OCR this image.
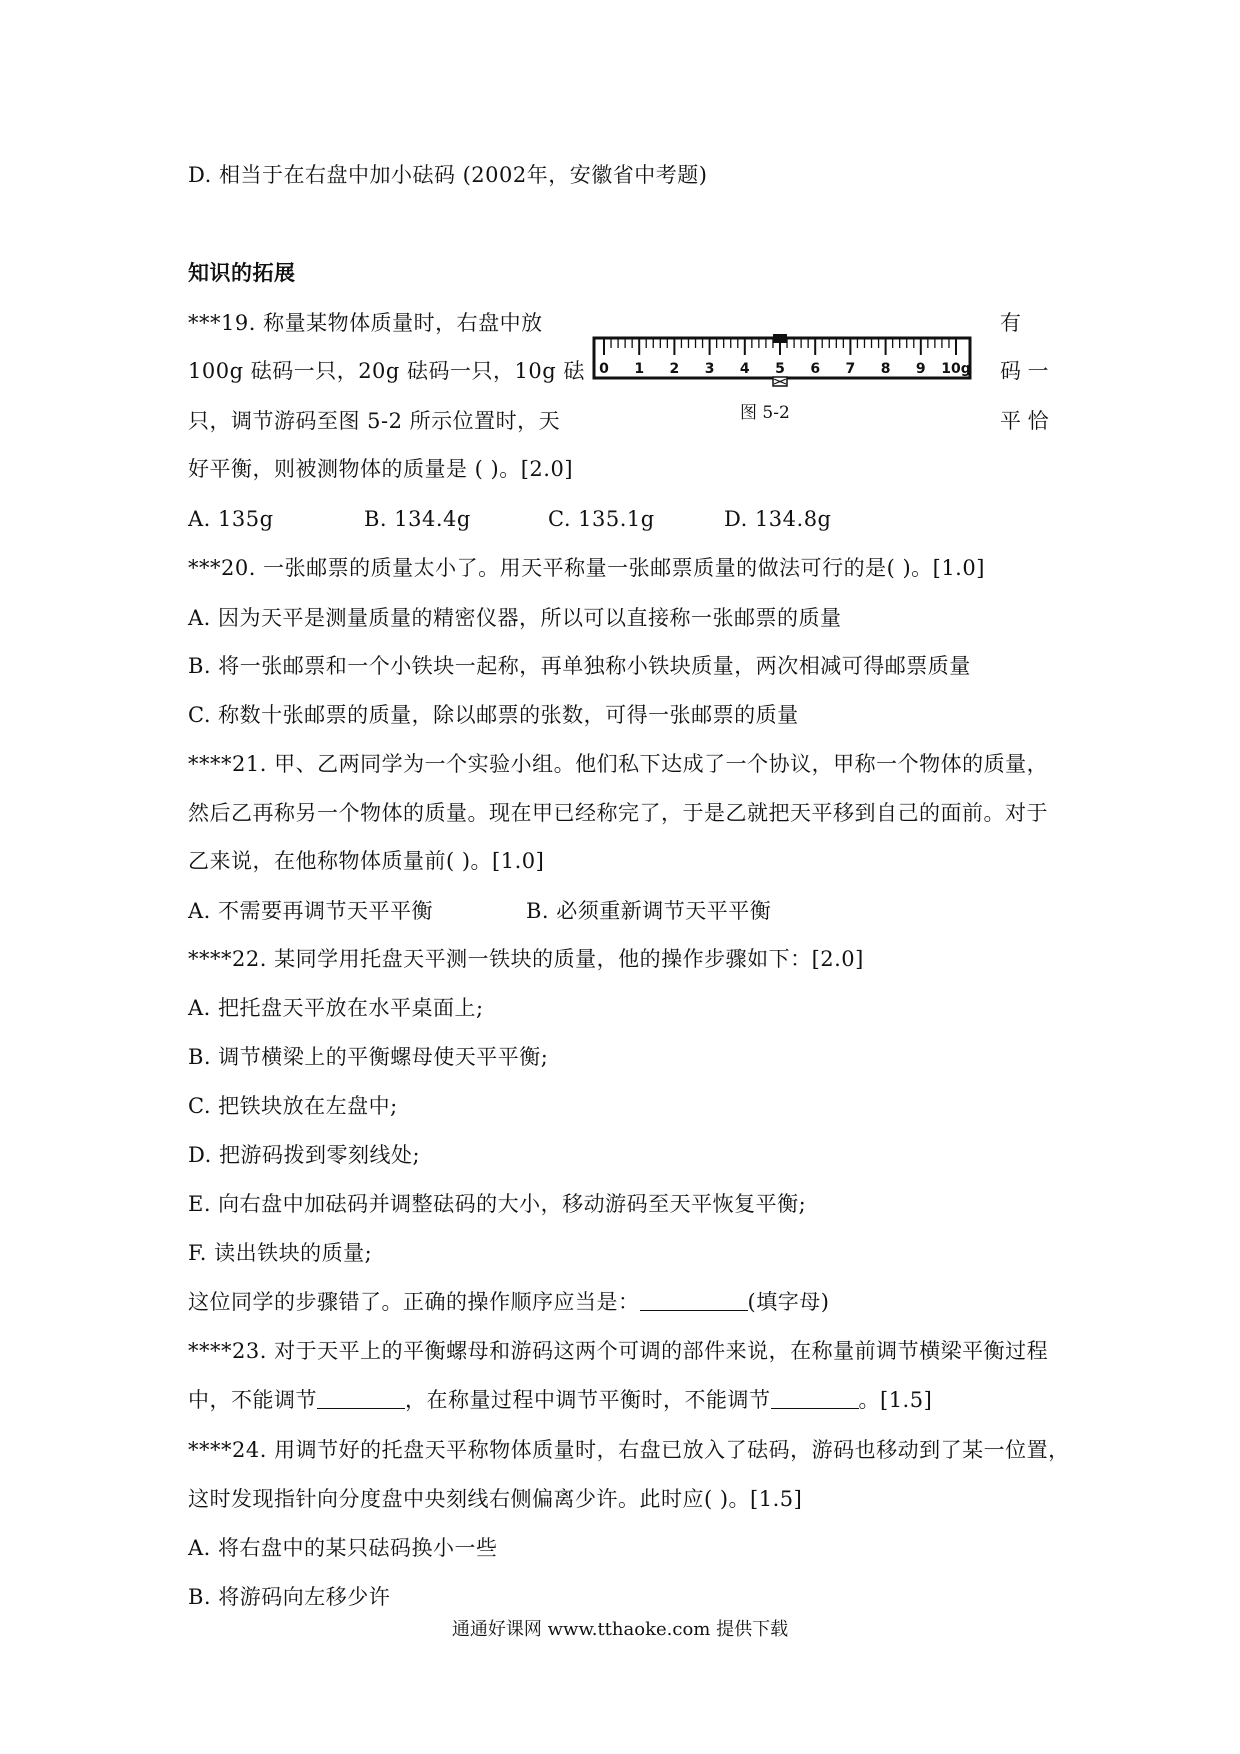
D. 相当于在右盘中加小砝码 (2002年，安徽省中考题)
知识的拓展
***19. 称量某物体质量时，右盘中放
100g 砝码一只，20g 砝码一只，10g 砝
只，调节游码至图 5-2 所示位置时，天
好平衡，则被测物体的质量是 ( )。[2.0]
有
码 一
平 恰
0 1 2 3 4 5 6 7 8 9 10g
图 5-2
A. 135g	B. 134.4g	C. 135.1g	D. 134.8g
***20. 一张邮票的质量太小了。用天平称量一张邮票质量的做法可行的是( )。[1.0]
A. 因为天平是测量质量的精密仪器，所以可以直接称一张邮票的质量
B. 将一张邮票和一个小铁块一起称，再单独称小铁块质量，两次相减可得邮票质量
C. 称数十张邮票的质量，除以邮票的张数，可得一张邮票的质量
****21. 甲、乙两同学为一个实验小组。他们私下达成了一个协议，甲称一个物体的质量，
然后乙再称另一个物体的质量。现在甲已经称完了，于是乙就把天平移到自己的面前。对于
乙来说，在他称物体质量前( )。[1.0]
A. 不需要再调节天平平衡	B. 必须重新调节天平平衡
****22. 某同学用托盘天平测一铁块的质量，他的操作步骤如下：[2.0]
A. 把托盘天平放在水平桌面上;
B. 调节横梁上的平衡螺母使天平平衡;
C. 把铁块放在左盘中;
D. 把游码拨到零刻线处;
E. 向右盘中加砝码并调整砝码的大小，移动游码至天平恢复平衡;
F. 读出铁块的质量;
这位同学的步骤错了。正确的操作顺序应当是：	(填字母)
****23. 对于天平上的平衡螺母和游码这两个可调的部件来说，在称量前调节横梁平衡过程
中，不能调节	，在称量过程中调节平衡时，不能调节	。[1.5]
****24. 用调节好的托盘天平称物体质量时，右盘已放入了砝码，游码也移动到了某一位置，
这时发现指针向分度盘中央刻线右侧偏离少许。此时应( )。[1.5]
A. 将右盘中的某只砝码换小一些
B. 将游码向左移少许
通通好课网 www.tthaoke.com 提供下载
